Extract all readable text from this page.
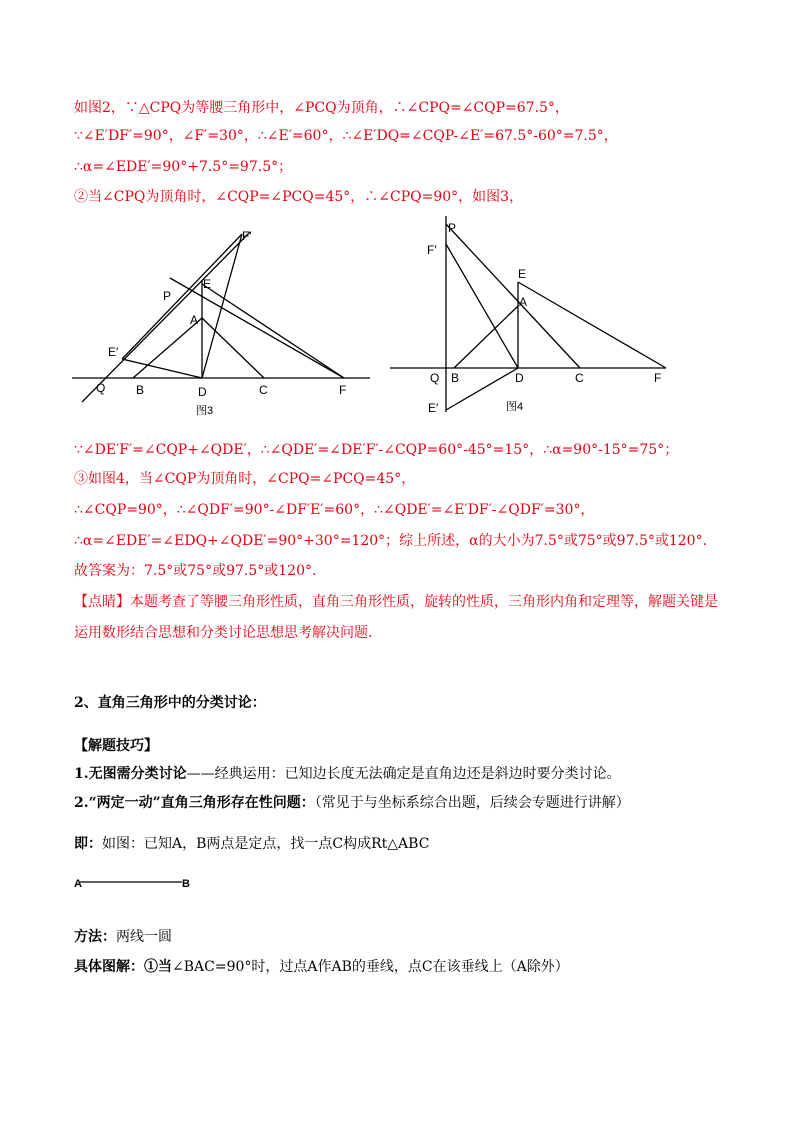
如图2，∵△CPQ为等腰三角形中，∠PCQ为顶角，∴∠CPQ=∠CQP=67.5°，
∵∠E′DF′=90°，∠F′=30°，∴∠E′=60°，∴∠E′DQ=∠CQP-∠E′=67.5°-60°=7.5°，
∴α=∠EDE′=90°+7.5°=97.5°；
②当∠CPQ为顶角时，∠CQP=∠PCQ=45°，∴∠CPQ=90°，如图3，
F′
P
E
A
E′
Q	B	D	C	F
图3
P
F′
E
A
Q B	D	C	F
E′	图4
∵∠DE′F′=∠CQP+∠QDE′，∴∠QDE′=∠DE′F′-∠CQP=60°-45°=15°，∴α=90°-15°=75°；
③如图4，当∠CQP为顶角时，∠CPQ=∠PCQ=45°，
∴∠CQP=90°，∴∠QDF′=90°-∠DF′E′=60°，∴∠QDE′=∠E′DF′-∠QDF′=30°，
∴α=∠EDE′=∠EDQ+∠QDE′=90°+30°=120°；综上所述，α的大小为7.5°或75°或97.5°或120°.
故答案为：7.5°或75°或97.5°或120°.
【点睛】本题考查了等腰三角形性质，直角三角形性质，旋转的性质，三角形内角和定理等，解题关键是
运用数形结合思想和分类讨论思想思考解决问题.
2、直角三角形中的分类讨论：
【解题技巧】
1.无图需分类讨论——经典运用：已知边长度无法确定是直角边还是斜边时要分类讨论。
2.“两定一动”直角三角形存在性问题：（常见于与坐标系综合出题，后续会专题进行讲解）
即：如图：已知A，B两点是定点，找一点C构成Rt△ABC
A	B
方法：两线一圆
具体图解：①当∠BAC=90°时，过点A作AB的垂线，点C在该垂线上（A除外）
